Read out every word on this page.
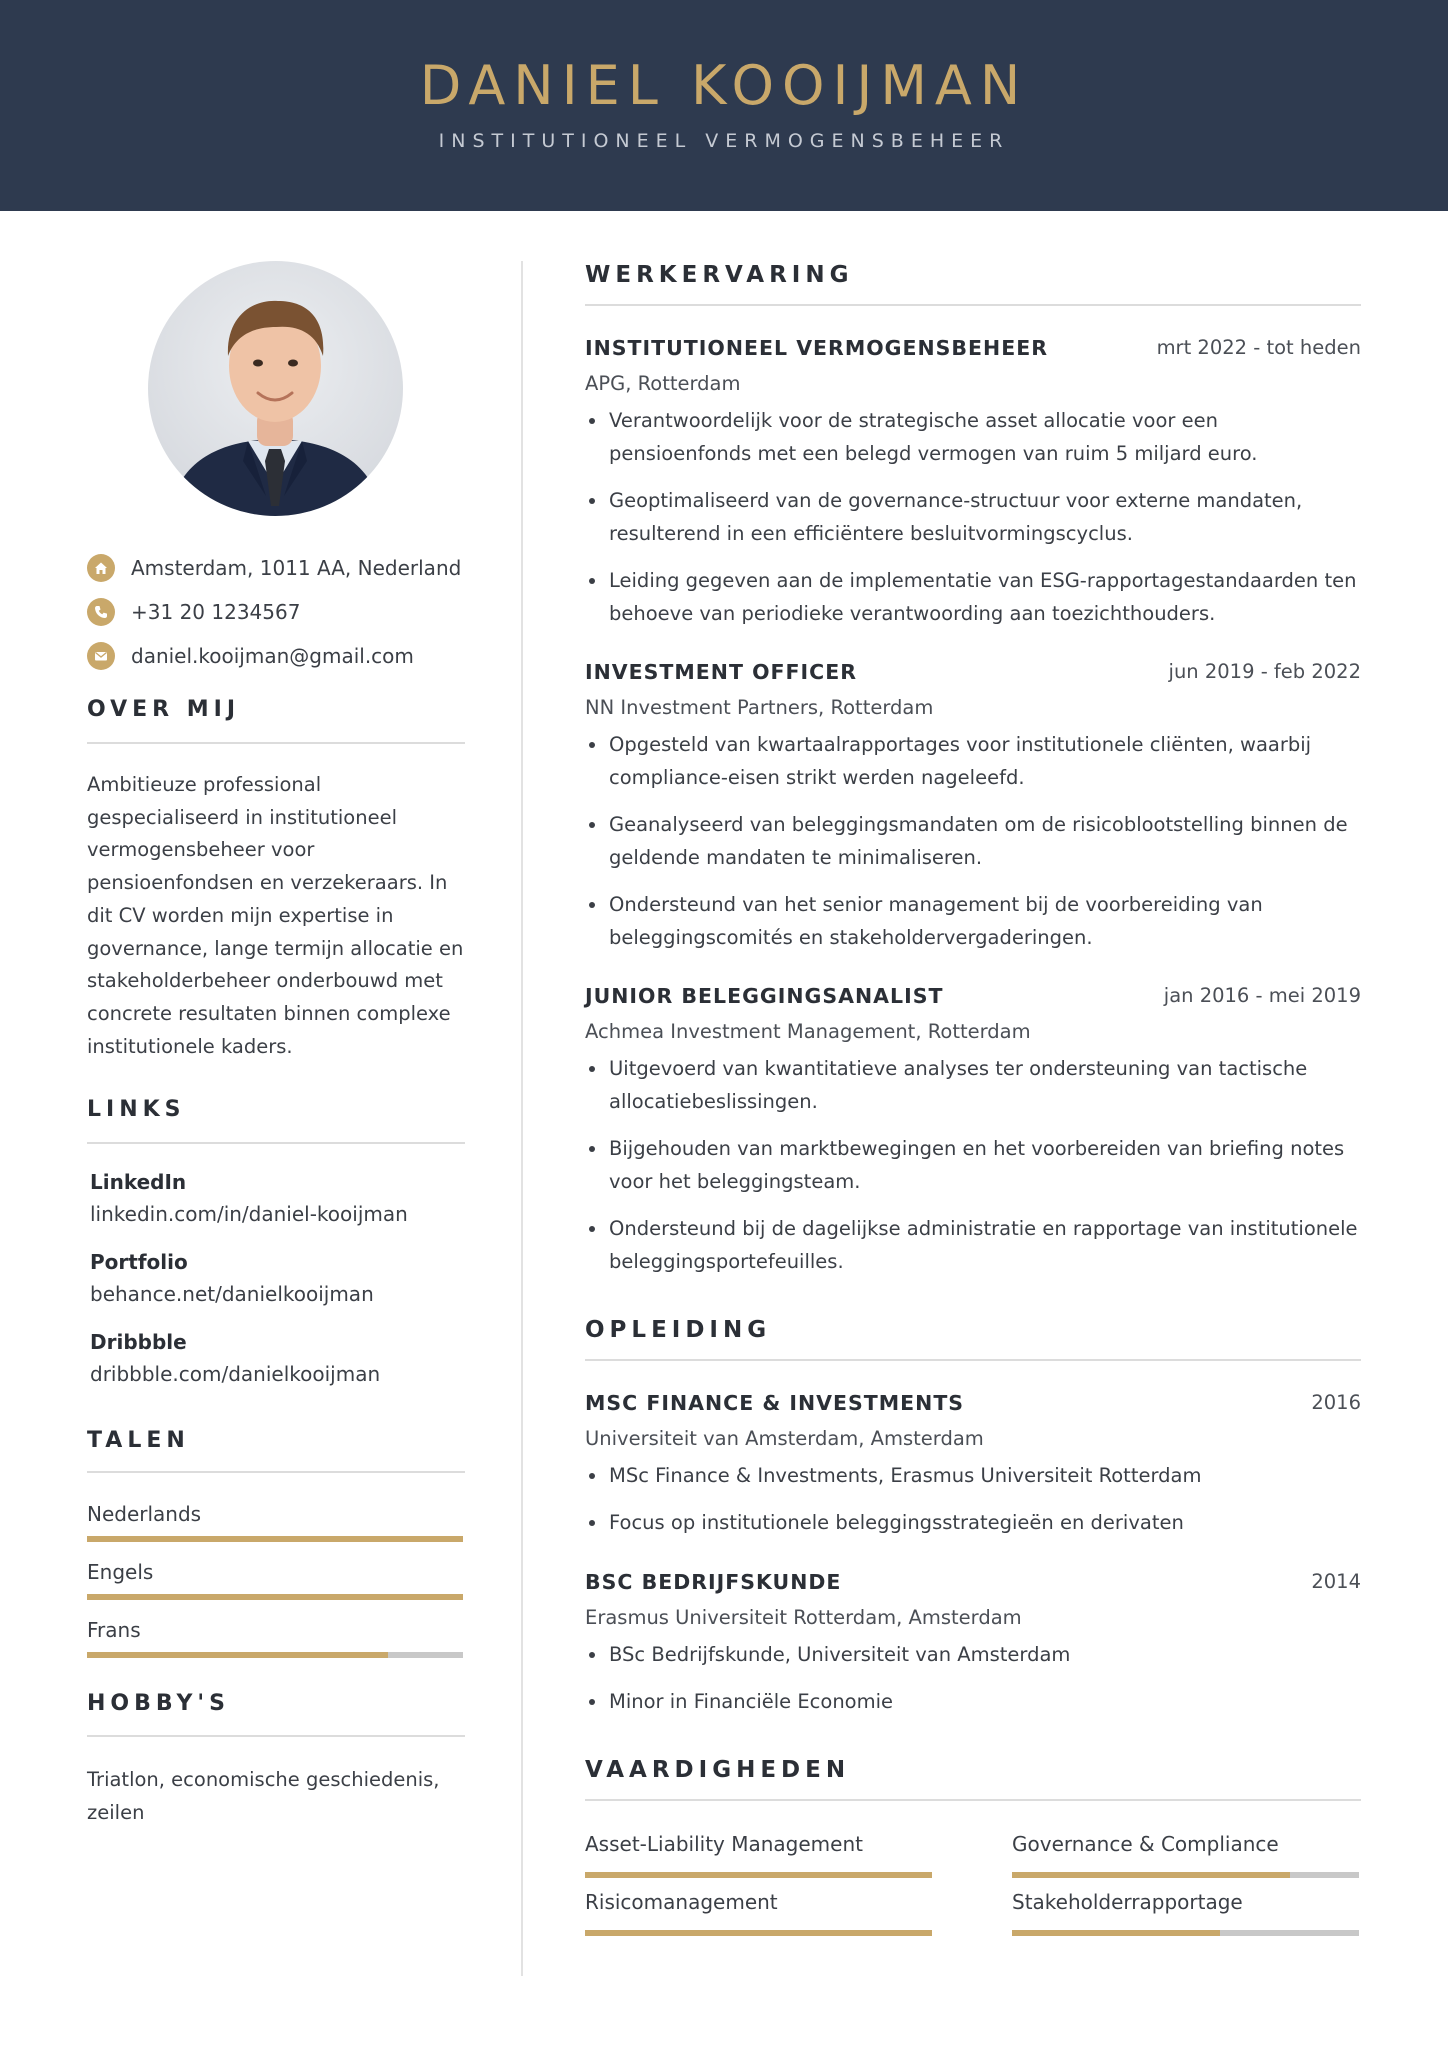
DANIEL KOOIJMAN
INSTITUTIONEEL VERMOGENSBEHEER
Amsterdam, 1011 AA, Nederland
+31 20 1234567
daniel.kooijman@gmail.com
OVER MIJ

Ambitieuze professional gespecialiseerd in institutioneel vermogensbeheer voor pensioenfondsen en verzekeraars. In dit CV worden mijn expertise in governance, lange termijn allocatie en stakeholderbeheer onderbouwd met concrete resultaten binnen complexe institutionele kaders.

LINKS
LinkedIn
linkedin.com/in/daniel-kooijman
Portfolio
behance.net/danielkooijman
Dribbble
dribbble.com/danielkooijman
TALEN
Nederlands
Engels
Frans
HOBBY'S

Triatlon, economische geschiedenis, zeilen

WERKERVARING
INSTITUTIONEEL VERMOGENSBEHEER	mrt 2022 - tot heden
APG, Rotterdam
Verantwoordelijk voor de strategische asset allocatie voor een pensioenfonds met een belegd vermogen van ruim 5 miljard euro.
Geoptimaliseerd van de governance-structuur voor externe mandaten, resulterend in een efficiëntere besluitvormingscyclus.
Leiding gegeven aan de implementatie van ESG-rapportagestandaarden ten behoeve van periodieke verantwoording aan toezichthouders.
INVESTMENT OFFICER	jun 2019 - feb 2022
NN Investment Partners, Rotterdam
Opgesteld van kwartaalrapportages voor institutionele cliënten, waarbij compliance-eisen strikt werden nageleefd.
Geanalyseerd van beleggingsmandaten om de risicoblootstelling binnen de geldende mandaten te minimaliseren.
Ondersteund van het senior management bij de voorbereiding van beleggingscomités en stakeholdervergaderingen.
JUNIOR BELEGGINGSANALIST	jan 2016 - mei 2019
Achmea Investment Management, Rotterdam
Uitgevoerd van kwantitatieve analyses ter ondersteuning van tactische allocatiebeslissingen.
Bijgehouden van marktbewegingen en het voorbereiden van briefing notes voor het beleggingsteam.
Ondersteund bij de dagelijkse administratie en rapportage van institutionele beleggingsportefeuilles.
OPLEIDING
MSC FINANCE & INVESTMENTS	2016
Universiteit van Amsterdam, Amsterdam
MSc Finance & Investments, Erasmus Universiteit Rotterdam
Focus op institutionele beleggingsstrategieën en derivaten
BSC BEDRIJFSKUNDE	2014
Erasmus Universiteit Rotterdam, Amsterdam
BSc Bedrijfskunde, Universiteit van Amsterdam
Minor in Financiële Economie
VAARDIGHEDEN
Asset-Liability Management	Governance & Compliance
Risicomanagement	Stakeholderrapportage
